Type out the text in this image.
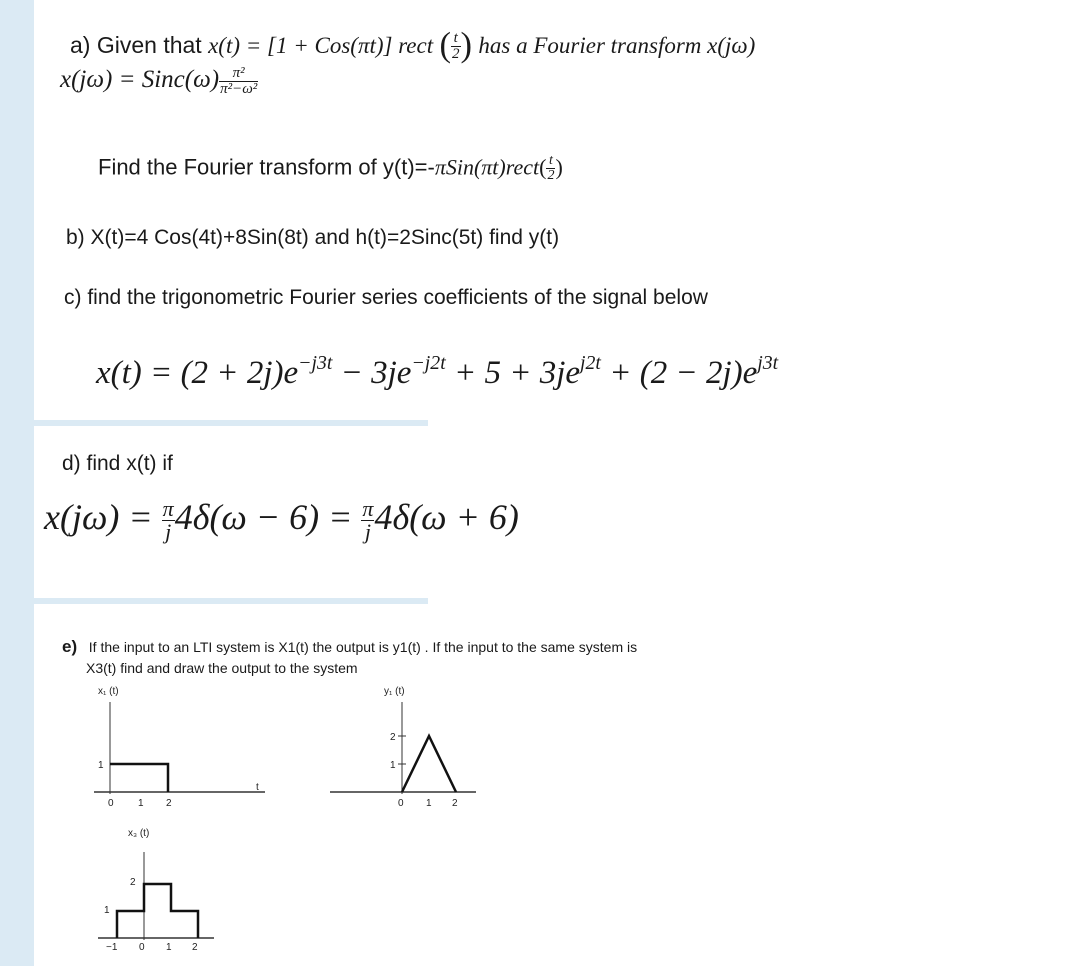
a) Given that x(t) = [1 + Cos(πt)] rect ( $\frac{t}{2}$ ) has a Fourier transform x(jω)
x(jω) = Sinc(ω) $\frac{\text{π²}}{\text{π²−ω²}}$
Find the Fourier transform of y(t)=-πSin(πt)rect( $\frac{t}{2}$ )
b) X(t)=4 Cos(4t)+8Sin(8t) and h(t)=2Sinc(5t) find y(t)
c) find the trigonometric Fourier series coefficients of the signal below
$x(t) = (2 + 2j)e^{-j3t} - 3je^{-j2t} + 5 + 3je^{j2t} + (2 - 2j)e^{j3t}$
d) find x(t) if
$x(j\omega) = \frac{\pi}{j} 4\delta(\omega - 6) = \frac{\pi}{j} 4\delta(\omega + 6)$
e) If the input to an LTI system is X1(t) the output is y1(t) . If the input to the same system is
X3(t) find and draw the output to the system
x₁ (t)
1
0 1 2
t
y₁ (t)
2
1
0 1 2
x₃ (t)
2
1
−1 0 1 2
